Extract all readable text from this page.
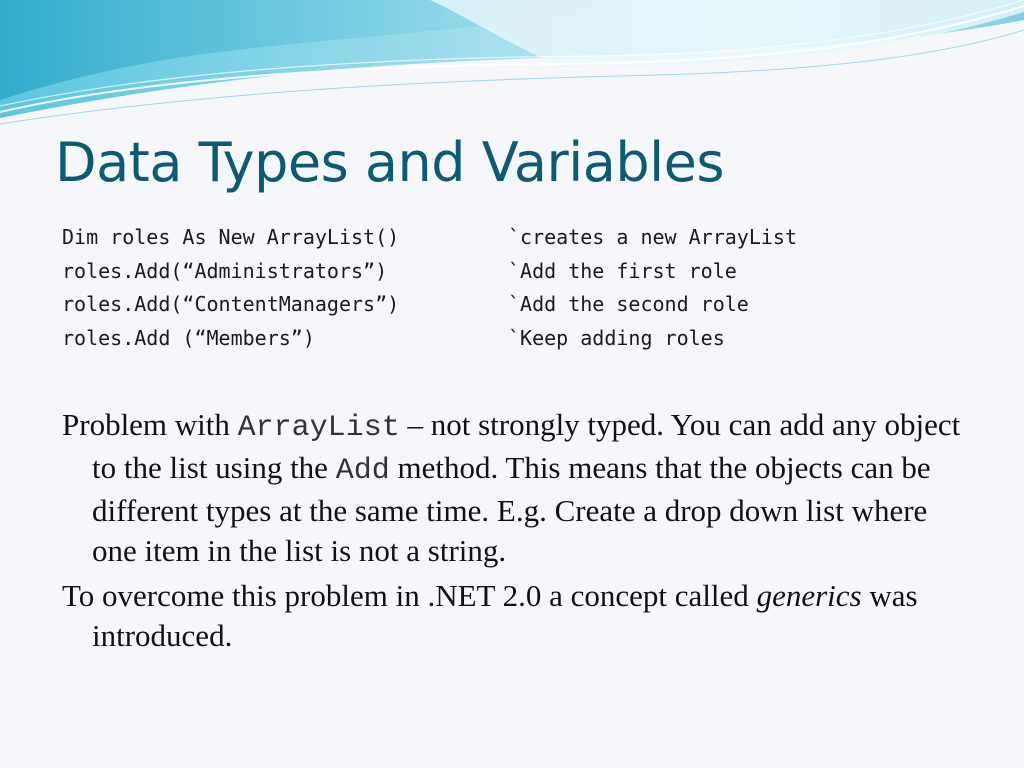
Data Types and Variables
Dim roles As New ArrayList()	`creates a new ArrayList
roles.Add(“Administrators”)	`Add the first role
roles.Add(“ContentManagers”)	`Add the second role
roles.Add (“Members”)	`Keep adding roles

Problem with ArrayList – not strongly typed. You can add any object to the list using the Add method. This means that the objects can be different types at the same time. E.g. Create a drop down list where one item in the list is not a string.

To overcome this problem in .NET 2.0 a concept called generics was introduced.
